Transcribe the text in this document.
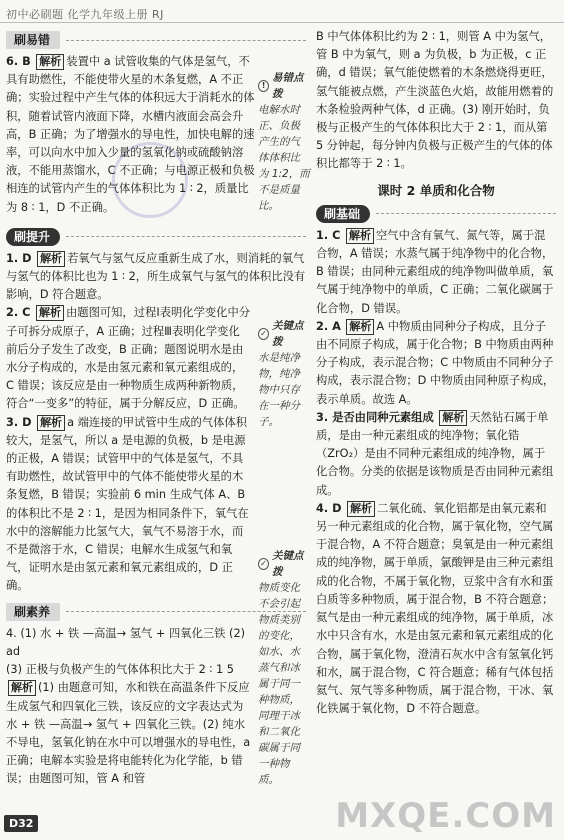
初中必刷题 化学九年级上册 RJ
刷易错
6. B 解析 装置中 a 试管收集的气体是氢气，不具有助燃性，不能使带火星的木条复燃，A 不正确；实验过程中产生气体的体积远大于消耗水的体积，随着试管内液面下降，水槽内液面会高会升高，B 正确；为了增强水的导电性，加快电解的速率，可以向水中加入少量的氢氧化钠或硫酸钠溶液，不能用蒸馏水，C 不正确；与电源正极和负极相连的试管内产生的气体体积比为 1 ∶ 2，质量比为 8 ∶ 1，D 不正确。
刷提升
1. D 解析 若氧气与氢气反应重新生成了水，则消耗的氧气与氢气的体积比也为 1 ∶ 2，所生成氧气与氢气的体积比没有影响，D 符合题意。
2. C 解析 由题图可知，过程Ⅰ表明化学变化中分子可拆分成原子，A 正确；过程Ⅲ表明化学变化前后分子发生了改变，B 正确；题图说明水是由水分子构成的，水是由氢元素和氧元素组成的，C 错误；该反应是由一种物质生成两种新物质，符合“一变多”的特征，属于分解反应，D 正确。
3. D 解析 a 端连接的甲试管中生成的气体体积较大，是氢气，所以 a 是电源的负极，b 是电源的正极，A 错误；试管甲中的气体是氢气，不具有助燃性，故试管甲中的气体不能使带火星的木条复燃，B 错误；实验前 6 min 生成气体 A、B 的体积比不是 2 ∶ 1，是因为相同条件下，氧气在水中的溶解能力比氢气大，氧气不易溶于水，而不是微溶于水，C 错误；电解水生成氢气和氧气，证明水是由氢元素和氧元素组成的，D 正确。
刷素养

4. (1) 水 + 铁 —高温→ 氢气 + 四氧化三铁 (2) ad

(3) 正极与负极产生的气体体积比大于 2 ∶ 1 5

解析 (1) 由题意可知，水和铁在高温条件下反应生成氢气和四氧化三铁，该反应的文字表达式为 水 + 铁 —高温→ 氢气 + 四氧化三铁。(2) 纯水不导电，氢氧化钠在水中可以增强水的导电性，a 正确；电解本实验是将电能转化为化学能，b 错误；由题图可知，管 A 和管

!
易错点拨
电解水时正、负极产生的气体体积比为 1:2，而不是质量比。
✓
关键点拨
水是纯净物，纯净物中只存在一种分子。
✓
关键点拨
物质变化不会引起物质类别的变化，如水、水蒸气和冰属于同一种物质，同理干冰和二氧化碳属于同一种物质。

B 中气体体积比约为 2 ∶ 1，则管 A 中为氢气，管 B 中为氧气，则 a 为负极，b 为正极，c 正确，d 错误；氧气能使燃着的木条燃烧得更旺，氢气能被点燃，产生淡蓝色火焰，故能用燃着的木条检验两种气体，d 正确。(3) 刚开始时，负极与正极产生的气体体积比大于 2 ∶ 1，而从第 5 分钟起，每分钟内负极与正极产生的气体的体积比都等于 2 ∶ 1。

课时 2 单质和化合物
刷基础
1. C 解析 空气中含有氧气、氮气等，属于混合物，A 错误；水蒸气属于纯净物中的化合物，B 错误；由同种元素组成的纯净物叫做单质，氧气属于纯净物中的单质，C 正确；二氧化碳属于化合物，D 错误。
2. A 解析 A 中物质由同种分子构成，且分子由不同原子构成，属于化合物；B 中物质由两种分子构成，表示混合物；C 中物质由不同种分子构成，表示混合物；D 中物质由同种原子构成，表示单质。故选 A。
3. 是否由同种元素组成 解析 天然钻石属于单质，是由一种元素组成的纯净物；氧化锆（ZrO₂）是由不同种元素组成的纯净物，属于化合物。分类的依据是该物质是否由同种元素组成。
4. D 解析 二氧化硫、氧化铝都是由氧元素和另一种元素组成的化合物，属于氧化物，空气属于混合物，A 不符合题意；臭氧是由一种元素组成的纯净物，属于单质，氯酸钾是由三种元素组成的化合物，不属于氧化物，豆浆中含有水和蛋白质等多种物质，属于混合物，B 不符合题意；氦气是由一种元素组成的纯净物，属于单质，冰水中只含有水，水是由氢元素和氧元素组成的化合物，属于氧化物，澄清石灰水中含有氢氧化钙和水，属于混合物，C 符合题意；稀有气体包括氦气、氖气等多种物质，属于混合物，干冰、氧化铁属于氧化物，D 不符合题意。
D32	MXQE.COM
